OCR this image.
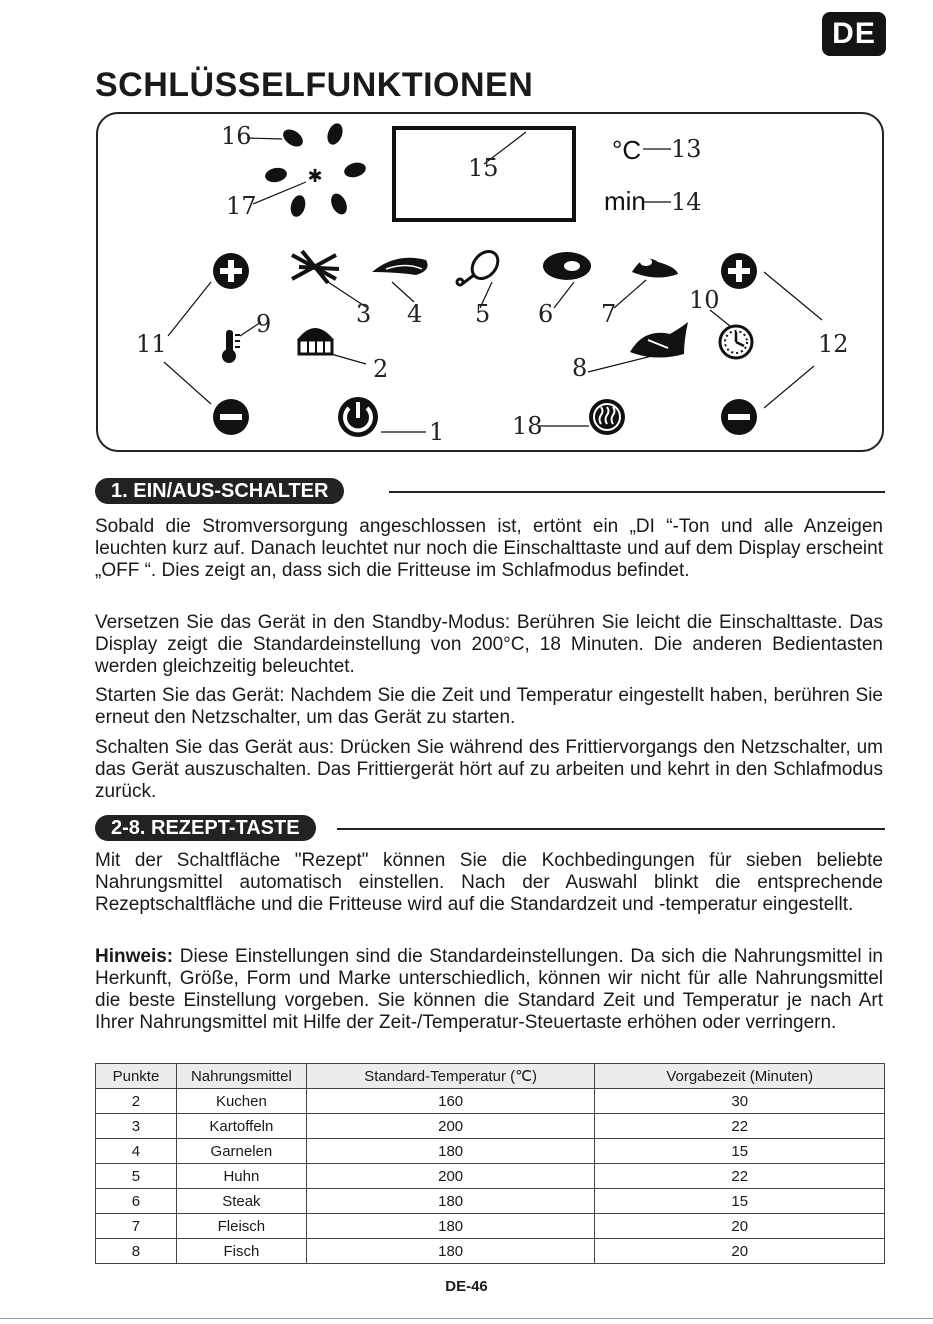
DE
SCHLÜSSELFUNKTIONEN
✱
°C
min
16
17
15
13
14
3 4 5 6 7	10
9
2	8
11	12
1	18
1. EIN/AUS-SCHALTER

Sobald die Stromversorgung angeschlossen ist, ertönt ein „DI “-Ton und alle Anzeigen leuchten kurz auf. Danach leuchtet nur noch die Einschalttaste und auf dem Display erscheint „OFF “. Dies zeigt an, dass sich die Fritteuse im Schlafmodus befindet.

Versetzen Sie das Gerät in den Standby-Modus: Berühren Sie leicht die Einschalttaste. Das Display zeigt die Standardeinstellung von 200°C, 18 Minuten. Die anderen Bedientasten werden gleichzeitig beleuchtet.

Starten Sie das Gerät: Nachdem Sie die Zeit und Temperatur eingestellt haben, berühren Sie erneut den Netzschalter, um das Gerät zu starten.

Schalten Sie das Gerät aus: Drücken Sie während des Frittiervorgangs den Netzschalter, um das Gerät auszuschalten. Das Frittiergerät hört auf zu arbeiten und kehrt in den Schlafmodus zurück.

2-8. REZEPT-TASTE

Mit der Schaltfläche "Rezept" können Sie die Kochbedingungen für sieben beliebte Nahrungsmittel automatisch einstellen. Nach der Auswahl blinkt die entsprechende Rezeptschaltfläche und die Fritteuse wird auf die Standardzeit und -temperatur eingestellt.

Hinweis: Diese Einstellungen sind die Standardeinstellungen. Da sich die Nahrungsmittel in Herkunft, Größe, Form und Marke unterschiedlich, können wir nicht für alle Nahrungsmittel die beste Einstellung vorgeben. Sie können die Standard Zeit und Temperatur je nach Art Ihrer Nahrungsmittel mit Hilfe der Zeit-/Temperatur-Steuertaste erhöhen oder verringern.

Punkte	Nahrungsmittel	Standard-Temperatur (℃)	Vorgabezeit (Minuten)
2	Kuchen	160	30
3	Kartoffeln	200	22
4	Garnelen	180	15
5	Huhn	200	22
6	Steak	180	15
7	Fleisch	180	20
8	Fisch	180	20
DE-46
